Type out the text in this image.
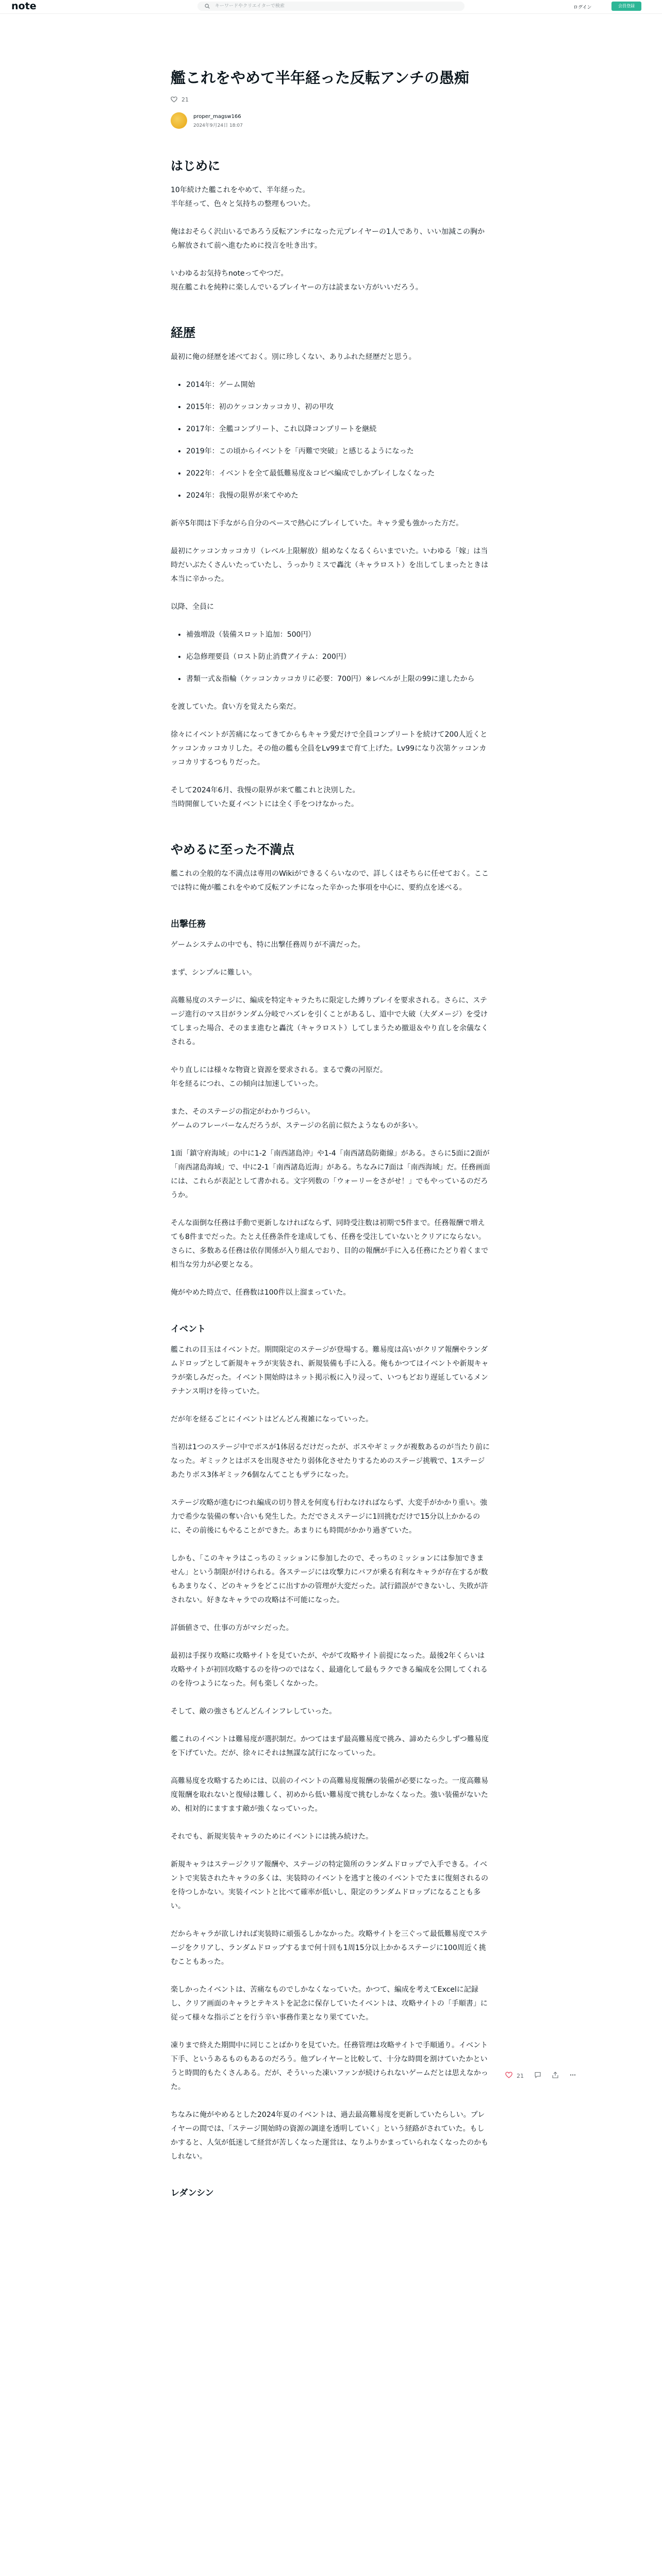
note	キーワードやクリエイターで検索	ログイン	会員登録
艦これをやめて半年経った反転アンチの愚痴
21
proper_magsw166
2024年9月24日 18:07
はじめに

10年続けた艦これをやめて、半年経った。
半年経って、色々と気持ちの整理もついた。

俺はおそらく沢山いるであろう反転アンチになった元プレイヤーの1人であり、いい加減この胸から解放されて前へ進むために投言を吐き出す。

いわゆるお気持ちnoteってやつだ。
現在艦これを純粋に楽しんでいるプレイヤーの方は読まない方がいいだろう。

経歴

最初に俺の経歴を述べておく。別に珍しくない、ありふれた経歴だと思う。

• 2014年：ゲーム開始
• 2015年：初のケッコンカッコカリ、初の甲攻
• 2017年：全艦コンプリート、これ以降コンプリートを継続
• 2019年：この頃からイベントを「丙難で突破」と感じるようになった
• 2022年：イベントを全て最低難易度＆コピペ編成でしかプレイしなくなった
• 2024年：我慢の限界が来てやめた

新卒5年間は下手ながら自分のペースで熱心にプレイしていた。キャラ愛も強かった方だ。

最初にケッコンカッコカリ（レベル上限解放）組めなくなるくらいまでいた。いわゆる「嫁」は当時だいぶたくさんいたっていたし、うっかりミスで轟沈（キャラロスト）を出してしまったときは本当に辛かった。

以降、全員に

• 補強増設（装備スロット追加：500円）
• 応急修理要員（ロスト防止消費アイテム：200円）
• 書類一式＆指輪（ケッコンカッコカリに必要：700円）※レベルが上限の99に達したから

を渡していた。食い方を覚えたら楽だ。

徐々にイベントが苦痛になってきてからもキャラ愛だけで全員コンプリートを続けて200人近くとケッコンカッコカリした。その他の艦も全員をLv99まで育て上げた。Lv99になり次第ケッコンカッコカリするつもりだった。

そして2024年6月、我慢の限界が来て艦これと決別した。
当時開催していた夏イベントには全く手をつけなかった。

やめるに至った不満点

艦これの全般的な不満点は専用のWikiができるくらいなので、詳しくはそちらに任せておく。ここでは特に俺が艦これをやめて反転アンチになった辛かった事項を中心に、要約点を述べる。

出撃任務

ゲームシステムの中でも、特に出撃任務周りが不満だった。

まず、シンプルに難しい。

高難易度のステージに、編成を特定キャラたちに限定した縛りプレイを要求される。さらに、ステージ進行のマス目がランダム分岐でハズレを引くことがあるし、道中で大破（大ダメージ）を受けてしまった場合、そのまま進むと轟沈（キャラロスト）してしまうため撤退＆やり直しを余儀なくされる。

やり直しには様々な物資と資源を要求される。まるで糞の河原だ。
年を経るにつれ、この傾向は加速していった。

また、そのステージの指定がわかりづらい。
ゲームのフレーバーなんだろうが、ステージの名前に似たようなものが多い。

1面「鎮守府海域」の中に1-2「南西諸島沖」や1-4「南西諸島防衛線」がある。さらに5面に2面が「南西諸島海域」で、中に2-1「南西諸島近海」がある。ちなみに7面は「南西海域」だ。任務画面には、これらが表記として書かれる。文字列数の「ウォーリーをさがせ！」でもやっているのだろうか。

そんな面倒な任務は手動で更新しなければならず、同時受注数は初期で5件まで。任務報酬で増えても8件までだった。たとえ任務条件を達成しても、任務を受注していないとクリアにならない。さらに、多数ある任務は依存関係が入り組んでおり、目的の報酬が手に入る任務にたどり着くまで相当な労力が必要となる。

俺がやめた時点で、任務数は100件以上溜まっていた。

イベント

艦これの目玉はイベントだ。期間限定のステージが登場する。難易度は高いがクリア報酬やランダムドロップとして新規キャラが実装され、新規装備も手に入る。俺もかつてはイベントや新規キャラが楽しみだった。イベント開始時はネット掲示板に入り浸って、いつもどおり遅延しているメンテナンス明けを待っていた。

だが年を経るごとにイベントはどんどん複雑になっていった。

当初は1つのステージ中でボスが1体居るだけだったが、ボスやギミックが複数あるのが当たり前になった。ギミックとはボスを出現させたり弱体化させたりするためのステージ挑戦で、1ステージあたりボス3体ギミック6個なんてこともザラになった。

ステージ攻略が進むにつれ編成の切り替えを何度も行わなければならず、大変手がかかり重い。強力で希少な装備の奪い合いも発生した。ただでさえステージに1回挑むだけで15分以上かかるのに、その前後にもやることができた。あまりにも時間がかかり過ぎていた。

しかも、「このキャラはこっちのミッションに参加したので、そっちのミッションには参加できません」という制限が付けられる。各ステージには攻撃力にバフが乗る有利なキャラが存在するが数もあまりなく、どのキャラをどこに出すかの管理が大変だった。試行錯誤ができないし、失敗が許されない。好きなキャラでの攻略は不可能になった。

詳価値さで、仕事の方がマシだった。

最初は手探り攻略に攻略サイトを見ていたが、やがて攻略サイト前提になった。最後2年くらいは攻略サイトが初回攻略するのを待つのではなく、最適化して最もラクできる編成を公開してくれるのを待つようになった。何も楽しくなかった。

そして、敵の強さもどんどんインフレしていった。

艦これのイベントは難易度が選択制だ。かつてはまず最高難易度で挑み、諦めたら少しずつ難易度を下げていた。だが、徐々にそれは無謀な試行になっていった。

高難易度を攻略するためには、以前のイベントの高難易度報酬の装備が必要になった。一度高難易度報酬を取れないと復帰は難しく、初めから低い難易度で挑むしかなくなった。強い装備がないため、相対的にますます敵が強くなっていった。

それでも、新規実装キャラのためにイベントには挑み続けた。

新規キャラはステージクリア報酬や、ステージの特定箇所のランダムドロップで入手できる。イベントで実装されたキャラの多くは、実装時のイベントを逃すと後のイベントでたまに復刻されるのを待つしかない。実装イベントと比べて確率が低いし、限定のランダムドロップになることも多い。

だからキャラが欲しければ実装時に頑張るしかなかった。攻略サイトを三ぐって最低難易度でステージをクリアし、ランダムドロップするまで何十回も1周15分以上かかるステージに100周近く挑むこともあった。

楽しかったイベントは、苦痛なものでしかなくなっていた。かつて、編成を考えてExcelに記録し、クリア画面のキャラとテキストを記念に保存していたイベントは、攻略サイトの「手順書」に従って様々な指示ごとを行う辛い事務作業となり果てていた。

凍りまで終えた期間中に同じことばかりを見ていた。任務管理は攻略サイトで手順通り。イベント下手、というあるものもあるのだろう。他プレイヤーと比較して、十分な時間を割けていたかというと時間的もたくさんある。だが、そういった凍いファンが続けられないゲームだとは思えなかった。

ちなみに俺がやめるとした2024年夏のイベントは、過去最高難易度を更新していたらしい。プレイヤーの間では、「ステージ開始時の資源の調達を透明していく」という経路がされていた。もしかすると、人気が低迷して経営が苦しくなった運営は、なりふりかまっていられなくなったのかもしれない。

レダンシン
21
